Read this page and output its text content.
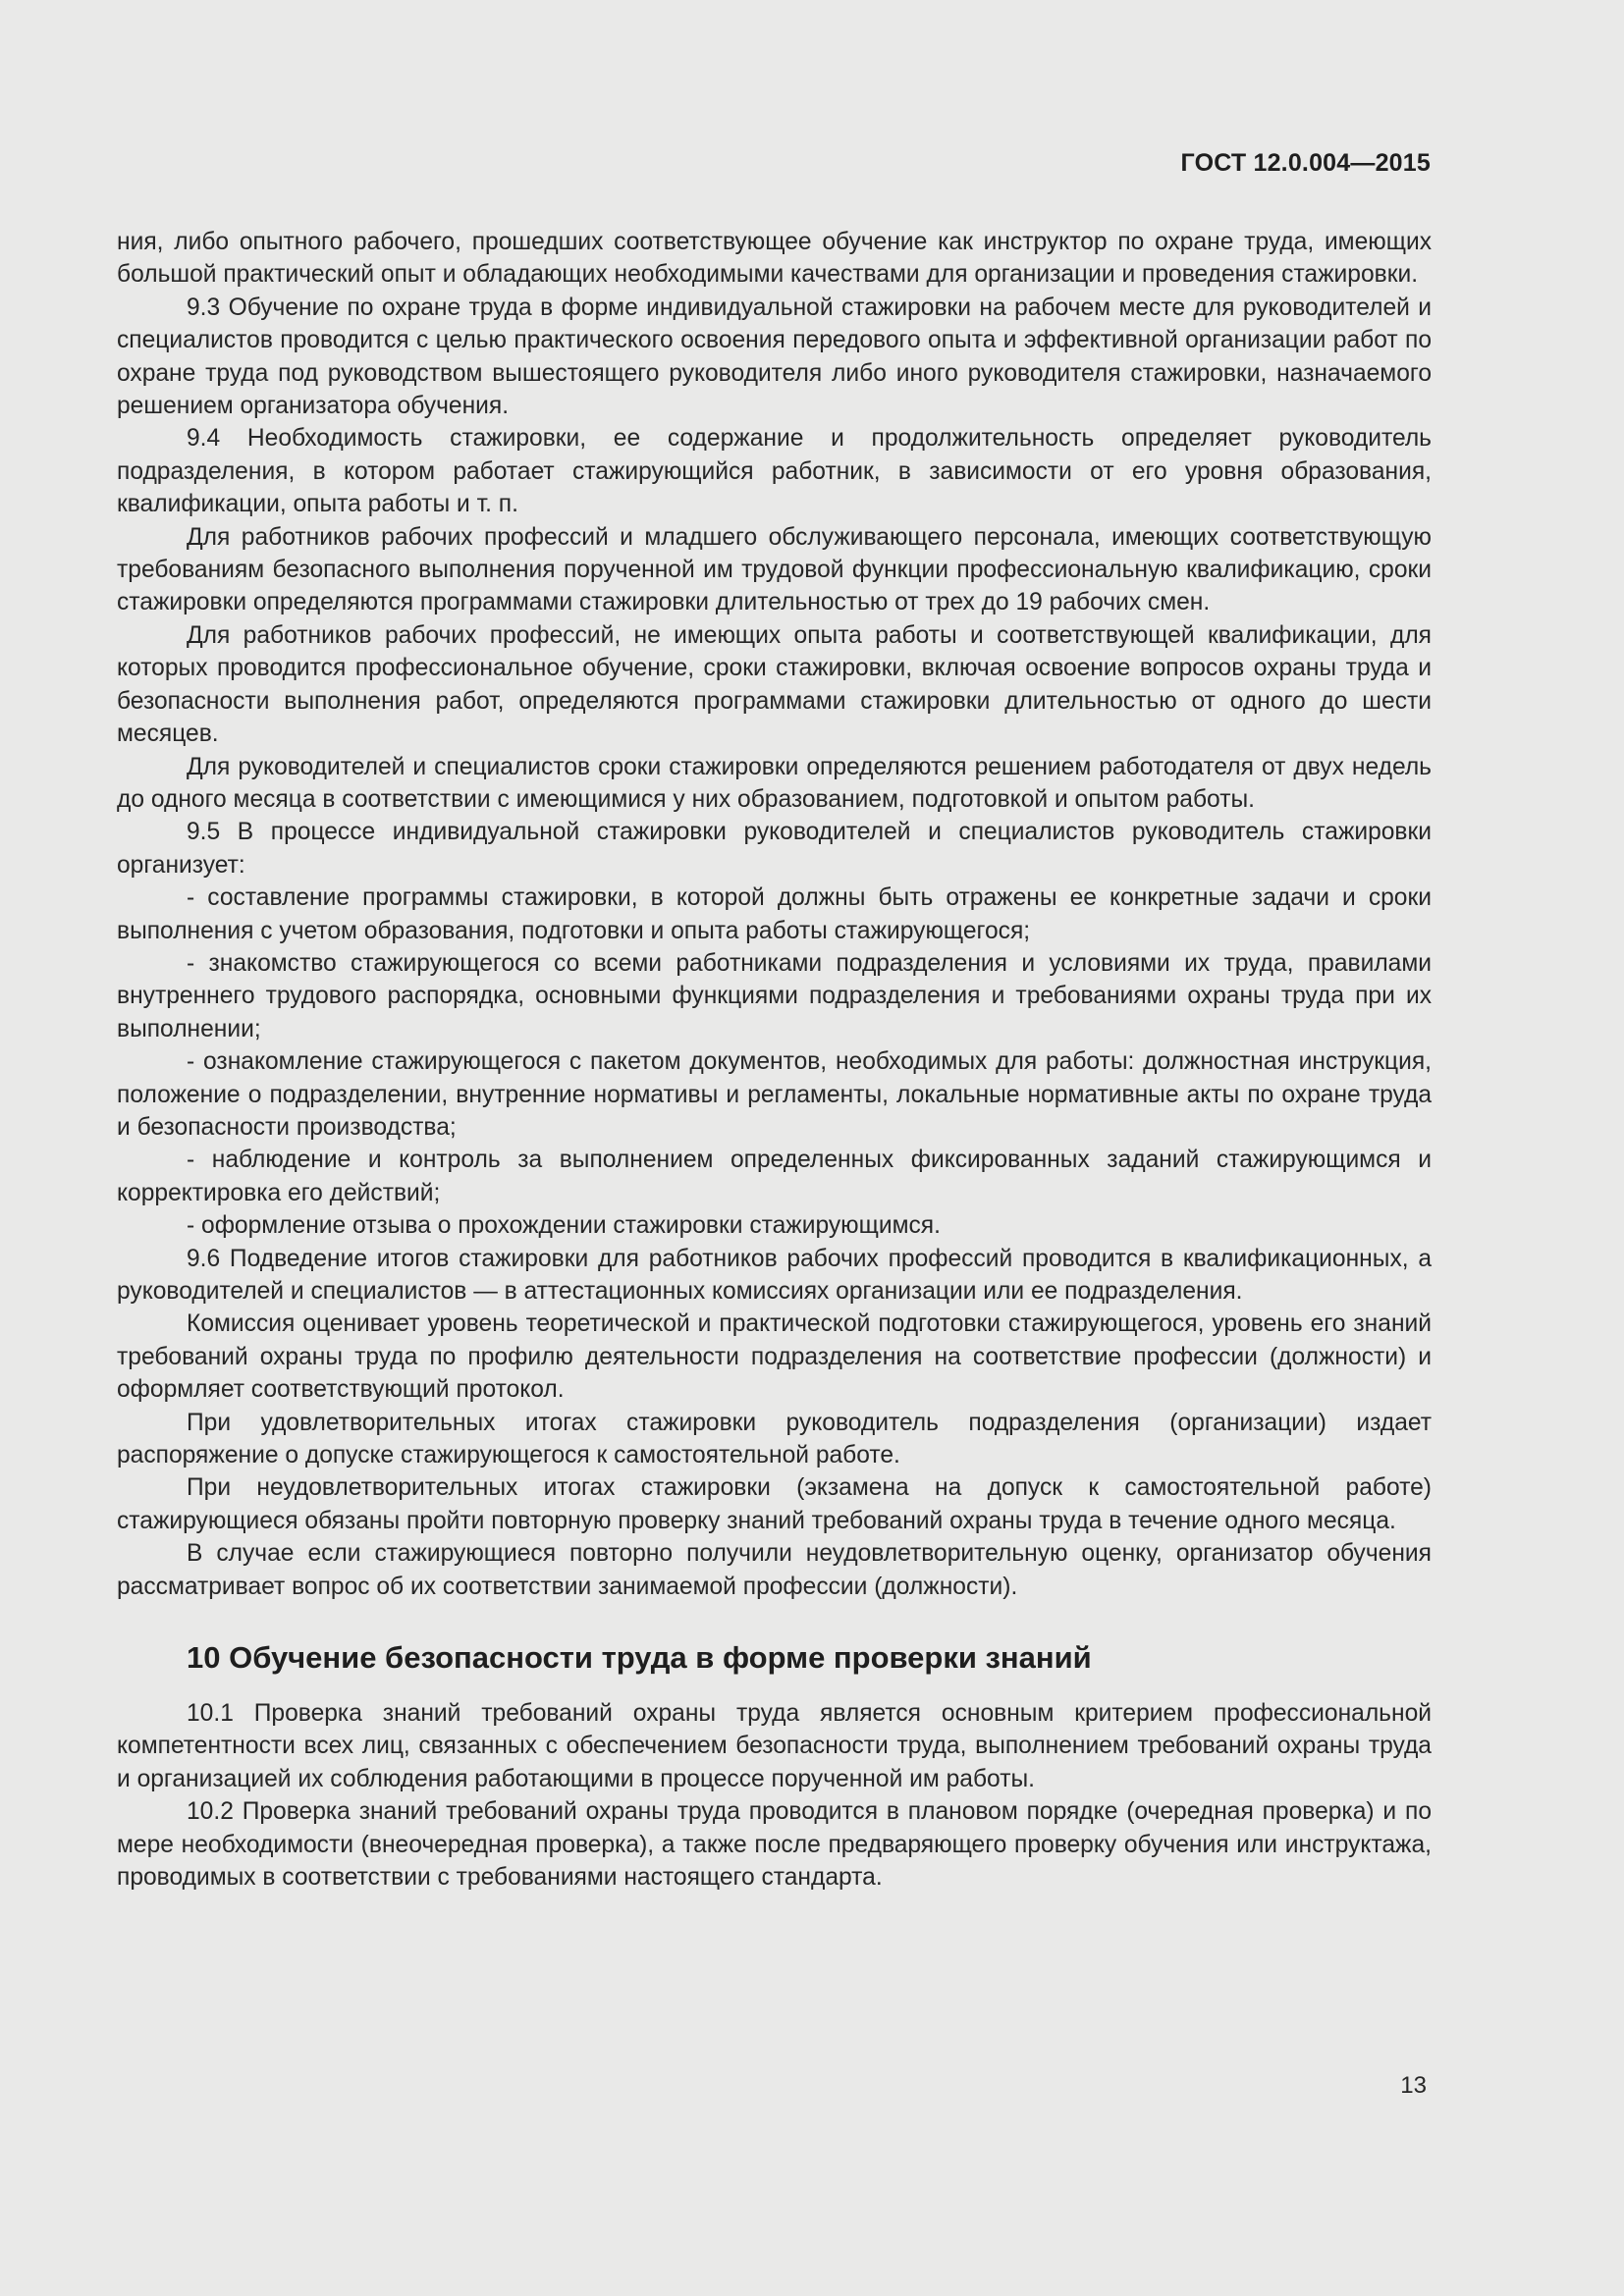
ГОСТ 12.0.004—2015

ния, либо опытного рабочего, прошедших соответствующее обучение как инструктор по охране труда, имеющих большой практический опыт и обладающих необходимыми качествами для организации и проведения стажировки.

9.3 Обучение по охране труда в форме индивидуальной стажировки на рабочем месте для руководителей и специалистов проводится с целью практического освоения передового опыта и эффективной организации работ по охране труда под руководством вышестоящего руководителя либо иного руководителя стажировки, назначаемого решением организатора обучения.

9.4 Необходимость стажировки, ее содержание и продолжительность определяет руководитель подразделения, в котором работает стажирующийся работник, в зависимости от его уровня образования, квалификации, опыта работы и т. п.

Для работников рабочих профессий и младшего обслуживающего персонала, имеющих соответствующую требованиям безопасного выполнения порученной им трудовой функции профессиональную квалификацию, сроки стажировки определяются программами стажировки длительностью от трех до 19 рабочих смен.

Для работников рабочих профессий, не имеющих опыта работы и соответствующей квалификации, для которых проводится профессиональное обучение, сроки стажировки, включая освоение вопросов охраны труда и безопасности выполнения работ, определяются программами стажировки длительностью от одного до шести месяцев.

Для руководителей и специалистов сроки стажировки определяются решением работодателя от двух недель до одного месяца в соответствии с имеющимися у них образованием, подготовкой и опытом работы.

9.5 В процессе индивидуальной стажировки руководителей и специалистов руководитель стажировки организует:

- составление программы стажировки, в которой должны быть отражены ее конкретные задачи и сроки выполнения с учетом образования, подготовки и опыта работы стажирующегося;

- знакомство стажирующегося со всеми работниками подразделения и условиями их труда, правилами внутреннего трудового распорядка, основными функциями подразделения и требованиями охраны труда при их выполнении;

- ознакомление стажирующегося с пакетом документов, необходимых для работы: должностная инструкция, положение о подразделении, внутренние нормативы и регламенты, локальные нормативные акты по охране труда и безопасности производства;

- наблюдение и контроль за выполнением определенных фиксированных заданий стажирующимся и корректировка его действий;

- оформление отзыва о прохождении стажировки стажирующимся.

9.6 Подведение итогов стажировки для работников рабочих профессий проводится в квалификационных, а руководителей и специалистов — в аттестационных комиссиях организации или ее подразделения.

Комиссия оценивает уровень теоретической и практической подготовки стажирующегося, уровень его знаний требований охраны труда по профилю деятельности подразделения на соответствие профессии (должности) и оформляет соответствующий протокол.

При удовлетворительных итогах стажировки руководитель подразделения (организации) издает распоряжение о допуске стажирующегося к самостоятельной работе.

При неудовлетворительных итогах стажировки (экзамена на допуск к самостоятельной работе) стажирующиеся обязаны пройти повторную проверку знаний требований охраны труда в течение одного месяца.

В случае если стажирующиеся повторно получили неудовлетворительную оценку, организатор обучения рассматривает вопрос об их соответствии занимаемой профессии (должности).

10 Обучение безопасности труда в форме проверки знаний

10.1 Проверка знаний требований охраны труда является основным критерием профессиональной компетентности всех лиц, связанных с обеспечением безопасности труда, выполнением требований охраны труда и организацией их соблюдения работающими в процессе порученной им работы.

10.2 Проверка знаний требований охраны труда проводится в плановом порядке (очередная проверка) и по мере необходимости (внеочередная проверка), а также после предваряющего проверку обучения или инструктажа, проводимых в соответствии с требованиями настоящего стандарта.

13
